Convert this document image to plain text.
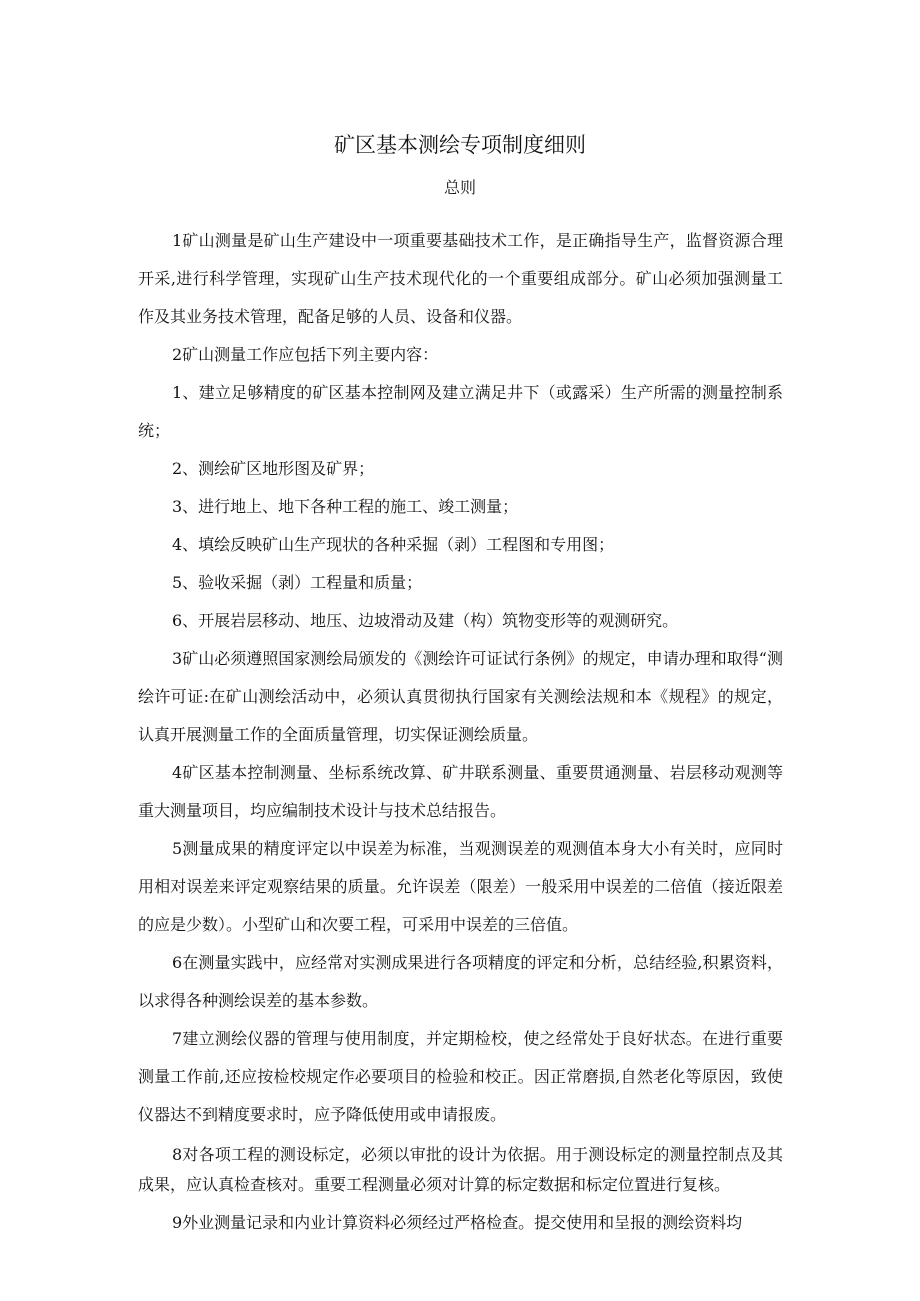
矿区基本测绘专项制度细则
总则

1矿山测量是矿山生产建设中一项重要基础技术工作，是正确指导生产，监督资源合理开采,进行科学管理，实现矿山生产技术现代化的一个重要组成部分。矿山必须加强测量工作及其业务技术管理，配备足够的人员、设备和仪器。

2矿山测量工作应包括下列主要内容：

1、建立足够精度的矿区基本控制网及建立满足井下（或露采）生产所需的测量控制系统；

2、测绘矿区地形图及矿界；

3、进行地上、地下各种工程的施工、竣工测量；

4、填绘反映矿山生产现状的各种采掘（剥）工程图和专用图；

5、验收采掘（剥）工程量和质量；

6、开展岩层移动、地压、边坡滑动及建（构）筑物变形等的观测研究。

3矿山必须遵照国家测绘局颁发的《测绘许可证试行条例》的规定，申请办理和取得“测绘许可证:在矿山测绘活动中，必须认真贯彻执行国家有关测绘法规和本《规程》的规定，认真开展测量工作的全面质量管理，切实保证测绘质量。

4矿区基本控制测量、坐标系统改算、矿井联系测量、重要贯通测量、岩层移动观测等重大测量项目，均应编制技术设计与技术总结报告。

5测量成果的精度评定以中误差为标准，当观测误差的观测值本身大小有关时，应同时用相对误差来评定观察结果的质量。允许误差（限差）一般采用中误差的二倍值（接近限差的应是少数）。小型矿山和次要工程，可采用中误差的三倍值。

6在测量实践中，应经常对实测成果进行各项精度的评定和分析，总结经验,积累资料，以求得各种测绘误差的基本参数。

7建立测绘仪器的管理与使用制度，并定期检校，使之经常处于良好状态。在进行重要测量工作前,还应按检校规定作必要项目的检验和校正。因正常磨损,自然老化等原因，致使仪器达不到精度要求时，应予降低使用或申请报废。

8对各项工程的测设标定，必须以审批的设计为依据。用于测设标定的测量控制点及其成果，应认真检查核对。重要工程测量必须对计算的标定数据和标定位置进行复核。

9外业测量记录和内业计算资料必须经过严格检查。提交使用和呈报的测绘资料均
